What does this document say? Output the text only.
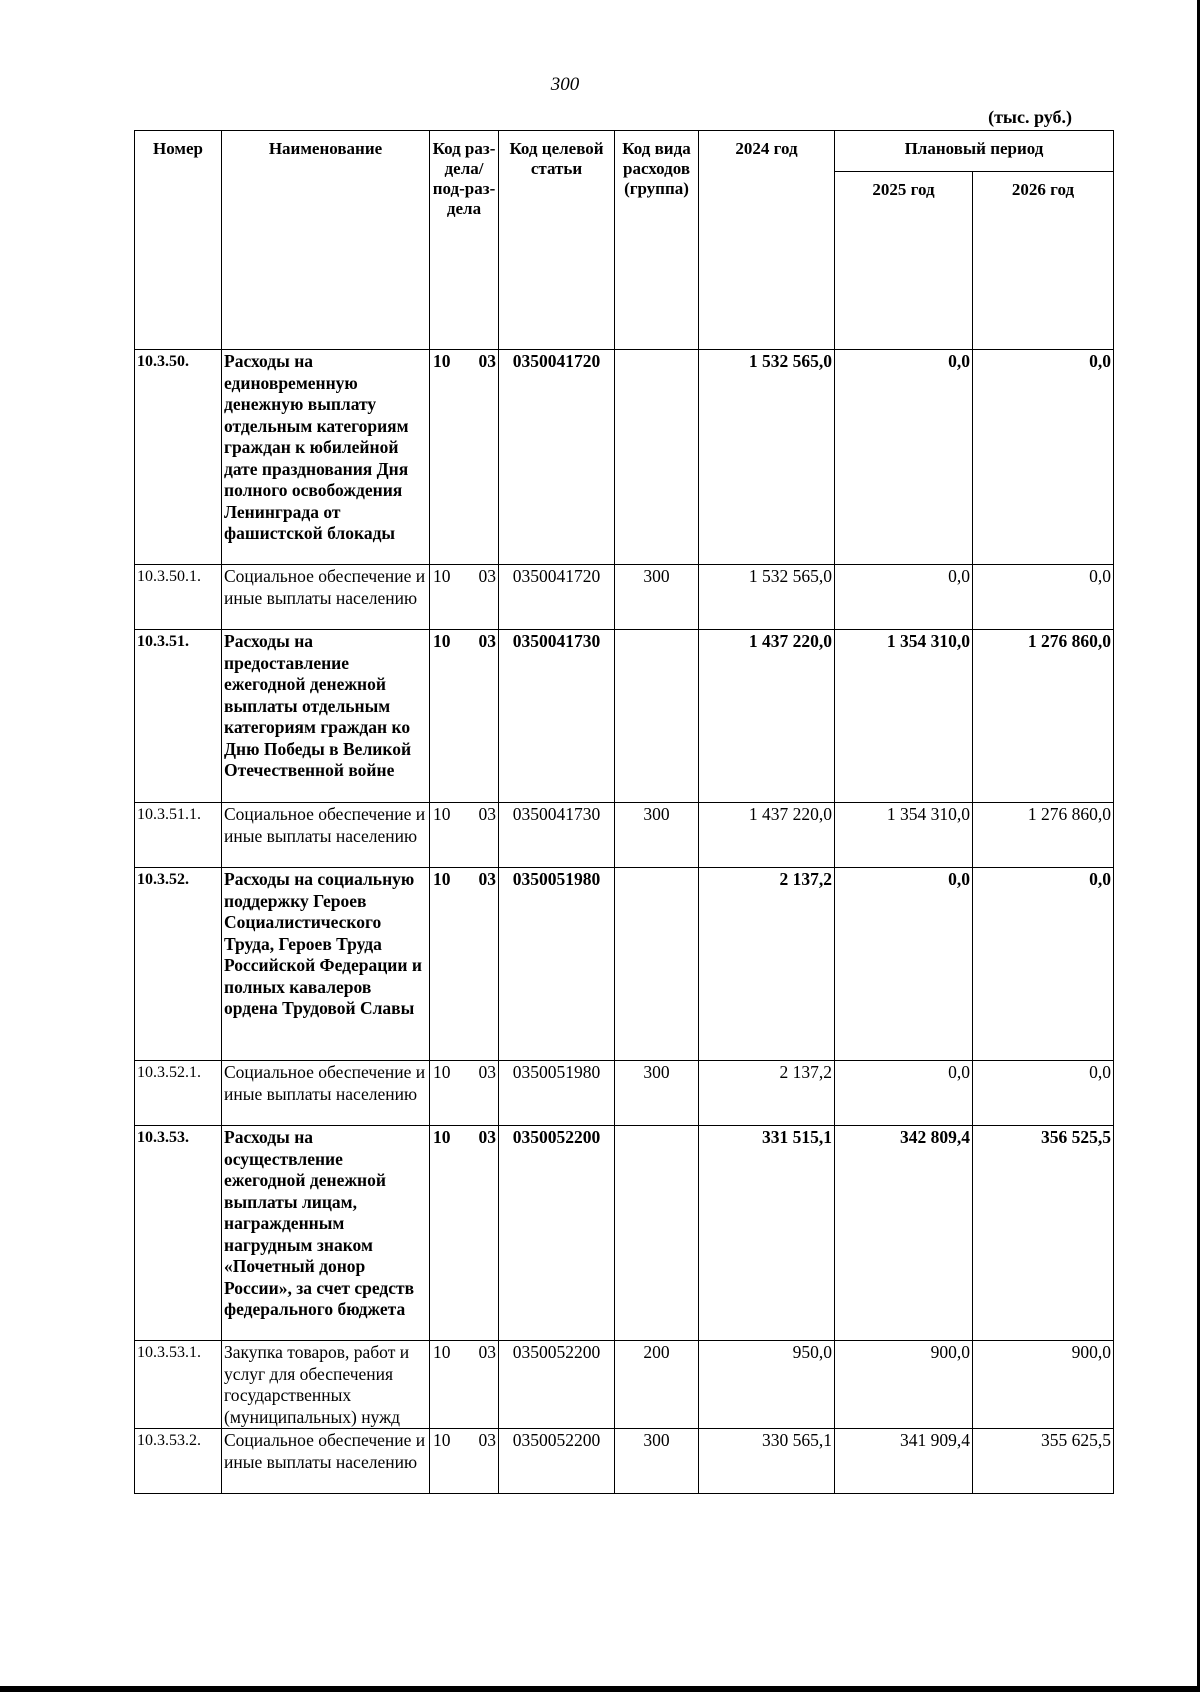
300
(тыс. руб.)
Номер	Наименование	Код раз-дела/ под-раз-дела	Код целевой статьи	Код вида расходов (группа)	2024 год	Плановый период	
						2025 год	2026 год
10.3.50.	Расходы на единовременную денежную выплату отдельным категориям граждан к юбилейной дате празднования Дня полного освобождения Ленинграда от фашистской блокады	10 03	0350041720		1 532 565,0	0,0	0,0
10.3.50.1.	Социальное обеспечение и иные выплаты населению	10 03	0350041720	300	1 532 565,0	0,0	0,0
10.3.51.	Расходы на предоставление ежегодной денежной выплаты отдельным категориям граждан ко Дню Победы в Великой Отечественной войне	10 03	0350041730		1 437 220,0	1 354 310,0	1 276 860,0
10.3.51.1.	Социальное обеспечение и иные выплаты населению	10 03	0350041730	300	1 437 220,0	1 354 310,0	1 276 860,0
10.3.52.	Расходы на социальную поддержку Героев Социалистического Труда, Героев Труда Российской Федерации и полных кавалеров ордена Трудовой Славы	10 03	0350051980		2 137,2	0,0	0,0
10.3.52.1.	Социальное обеспечение и иные выплаты населению	10 03	0350051980	300	2 137,2	0,0	0,0
10.3.53.	Расходы на осуществление ежегодной денежной выплаты лицам, награжденным нагрудным знаком «Почетный донор России», за счет средств федерального бюджета	10 03	0350052200		331 515,1	342 809,4	356 525,5
10.3.53.1.	Закупка товаров, работ и услуг для обеспечения государственных (муниципальных) нужд	10 03	0350052200	200	950,0	900,0	900,0
10.3.53.2.	Социальное обеспечение и иные выплаты населению	10 03	0350052200	300	330 565,1	341 909,4	355 625,5
